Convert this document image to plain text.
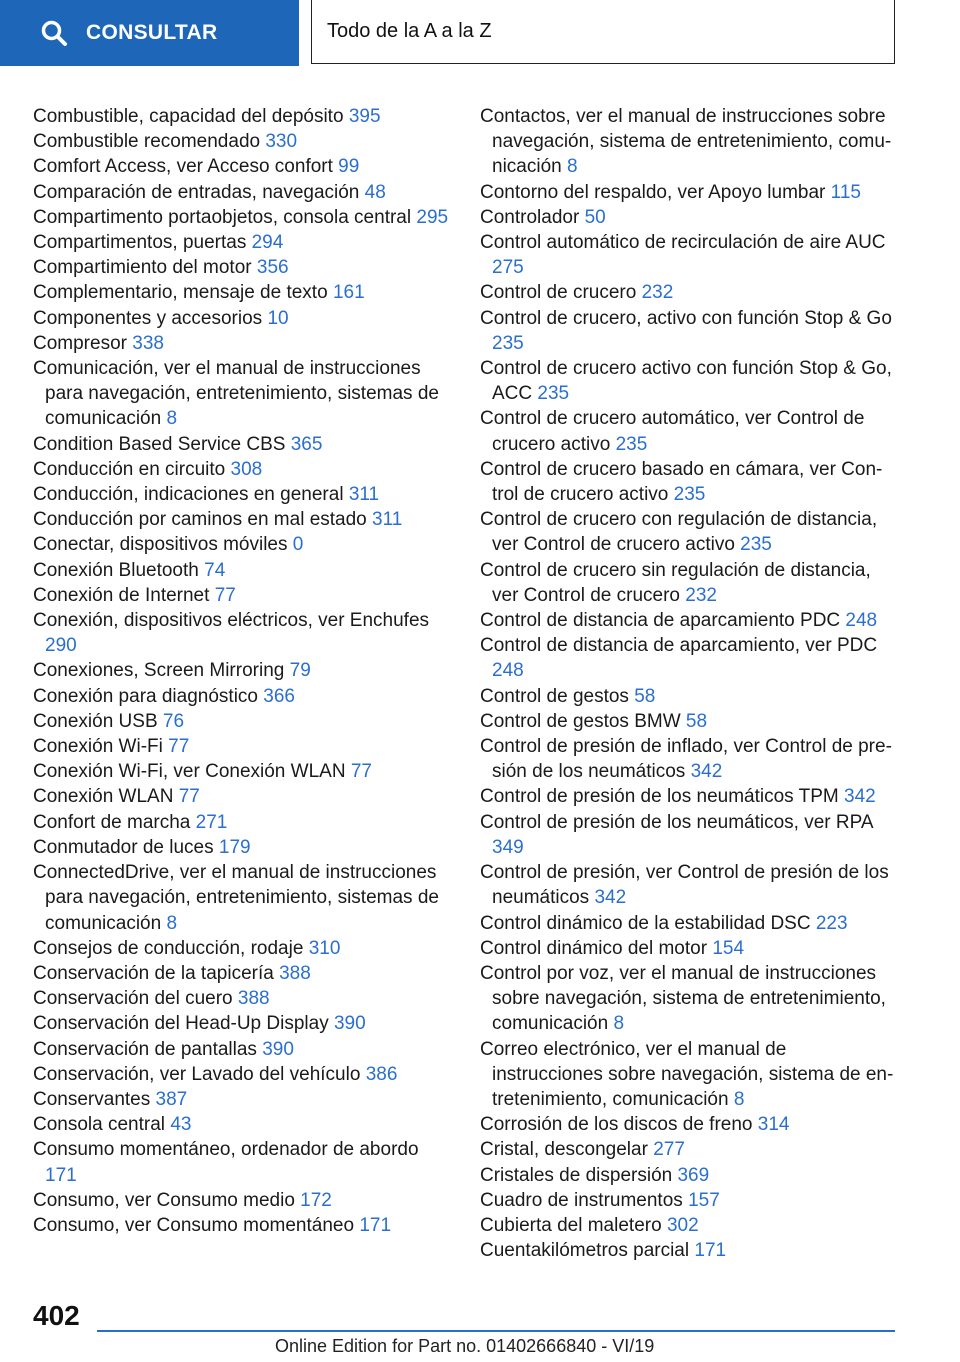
CONSULTAR	Todo de la A a la Z
Combustible, capacidad del depósito 395
Combustible recomendado 330
Comfort Access, ver Acceso confort 99
Comparación de entradas, navegación 48
Compartimento portaobjetos, consola central 295
Compartimentos, puertas 294
Compartimiento del motor 356
Complementario, mensaje de texto 161
Componentes y accesorios 10
Compresor 338
Comunicación, ver el manual de instrucciones para navegación, entretenimiento, sistemas de comunicación 8
Condition Based Service CBS 365
Conducción en circuito 308
Conducción, indicaciones en general 311
Conducción por caminos en mal estado 311
Conectar, dispositivos móviles 0
Conexión Bluetooth 74
Conexión de Internet 77
Conexión, dispositivos eléctricos, ver Enchufes 290
Conexiones, Screen Mirroring 79
Conexión para diagnóstico 366
Conexión USB 76
Conexión Wi-Fi 77
Conexión Wi-Fi, ver Conexión WLAN 77
Conexión WLAN 77
Confort de marcha 271
Conmutador de luces 179
ConnectedDrive, ver el manual de instrucciones para navegación, entretenimiento, sistemas de comunicación 8
Consejos de conducción, rodaje 310
Conservación de la tapicería 388
Conservación del cuero 388
Conservación del Head-Up Display 390
Conservación de pantallas 390
Conservación, ver Lavado del vehículo 386
Conservantes 387
Consola central 43
Consumo momentáneo, ordenador de abordo 171
Consumo, ver Consumo medio 172
Consumo, ver Consumo momentáneo 171
Contactos, ver el manual de instrucciones sobre navegación, sistema de entretenimiento, comunicación 8
Contorno del respaldo, ver Apoyo lumbar 115
Controlador 50
Control automático de recirculación de aire AUC 275
Control de crucero 232
Control de crucero, activo con función Stop & Go 235
Control de crucero activo con función Stop & Go, ACC 235
Control de crucero automático, ver Control de crucero activo 235
Control de crucero basado en cámara, ver Control de crucero activo 235
Control de crucero con regulación de distancia, ver Control de crucero activo 235
Control de crucero sin regulación de distancia, ver Control de crucero 232
Control de distancia de aparcamiento PDC 248
Control de distancia de aparcamiento, ver PDC 248
Control de gestos 58
Control de gestos BMW 58
Control de presión de inflado, ver Control de presión de los neumáticos 342
Control de presión de los neumáticos TPM 342
Control de presión de los neumáticos, ver RPA 349
Control de presión, ver Control de presión de los neumáticos 342
Control dinámico de la estabilidad DSC 223
Control dinámico del motor 154
Control por voz, ver el manual de instrucciones sobre navegación, sistema de entretenimiento, comunicación 8
Correo electrónico, ver el manual de instrucciones sobre navegación, sistema de entretenimiento, comunicación 8
Corrosión de los discos de freno 314
Cristal, descongelar 277
Cristales de dispersión 369
Cuadro de instrumentos 157
Cubierta del maletero 302
Cuentakilómetros parcial 171
402
Online Edition for Part no. 01402666840 - VI/19
